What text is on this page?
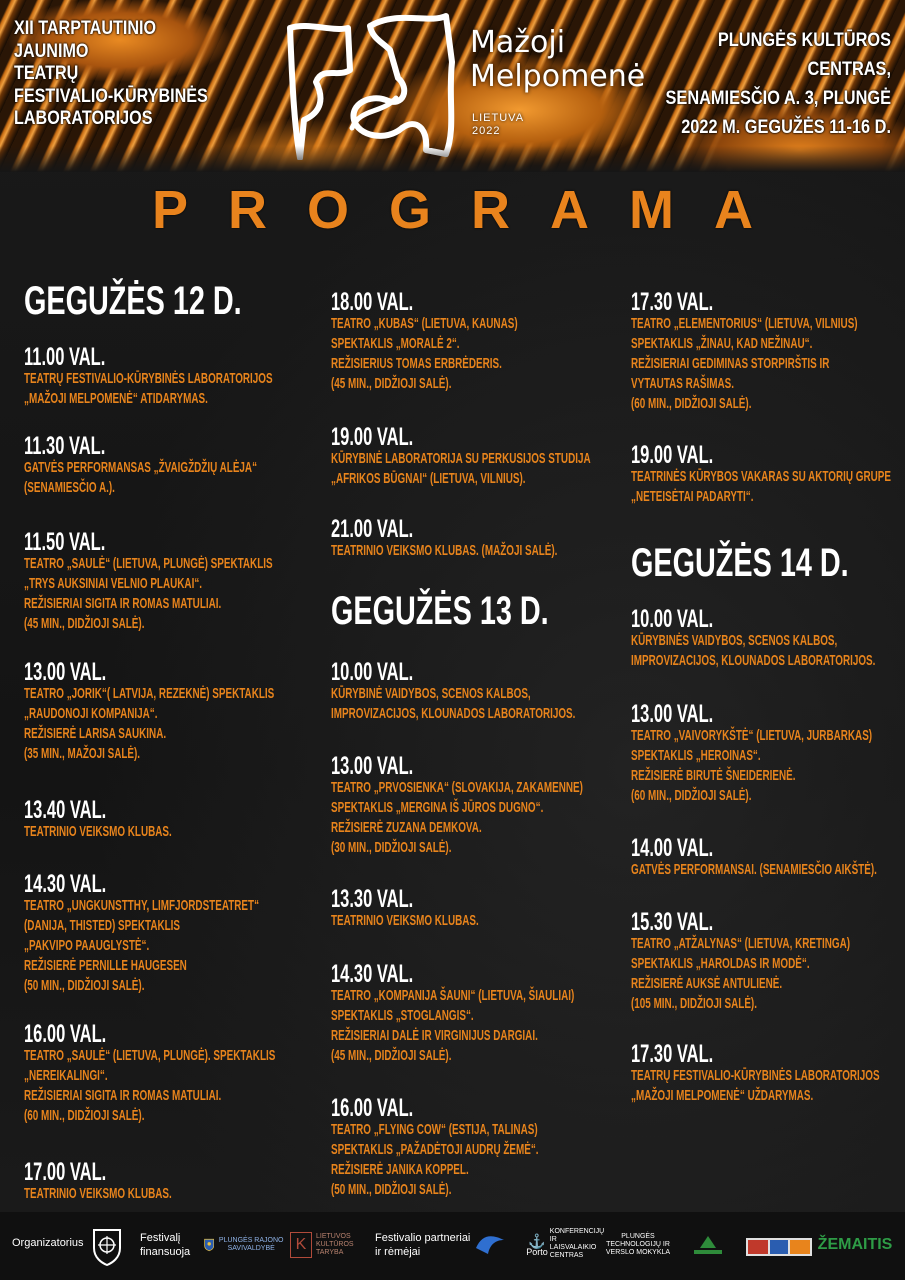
XII TARPTAUTINIO JAUNIMO
TEATRŲ
FESTIVALIO-KŪRYBINĖS
LABORATORIJOS
Mažoji
Melpomenė
LIETUVA
2022
PLUNGĖS KULTŪROS CENTRAS,
SENAMIESČIO A. 3, PLUNGĖ
2022 M. GEGUŽĖS 11-16 D.
PROGRAMA
GEGUŽĖS 12 D.
11.00 VAL.
TEATRŲ FESTIVALIO-KŪRYBINĖS LABORATORIJOS
„MAŽOJI MELPOMENĖ“ ATIDARYMAS.
11.30 VAL.
GATVĖS PERFORMANSAS „ŽVAIGŽDŽIŲ ALĖJA“
(SENAMIESČIO A.).
11.50 VAL.
TEATRO „SAULĖ“ (LIETUVA, PLUNGĖ) SPEKTAKLIS
„TRYS AUKSINIAI VELNIO PLAUKAI“.
REŽISIERIAI SIGITA IR ROMAS MATULIAI.
(45 MIN., DIDŽIOJI SALĖ).
13.00 VAL.
TEATRO „JORIK“( LATVIJA, REZEKNĖ) SPEKTAKLIS
„RAUDONOJI KOMPANIJA“.
REŽISIERĖ LARISA SAUKINA.
(35 MIN., MAŽOJI SALĖ).
13.40 VAL.
TEATRINIO VEIKSMO KLUBAS.
14.30 VAL.
TEATRO „UNGKUNSTTHY, LIMFJORDSTEATRET“
(DANIJA, THISTED) SPEKTAKLIS
„PAKVIPO PAAUGLYSTĖ“.
REŽISIERĖ PERNILLE HAUGESEN
(50 MIN., DIDŽIOJI SALĖ).
16.00 VAL.
TEATRO „SAULĖ“ (LIETUVA, PLUNGĖ). SPEKTAKLIS
„NEREIKALINGI“.
REŽISIERIAI SIGITA IR ROMAS MATULIAI.
(60 MIN., DIDŽIOJI SALĖ).
17.00 VAL.
TEATRINIO VEIKSMO KLUBAS.
18.00 VAL.
TEATRO „KUBAS“ (LIETUVA, KAUNAS)
SPEKTAKLIS „MORALĖ 2“.
REŽISIERIUS TOMAS ERBRĖDERIS.
(45 MIN., DIDŽIOJI SALĖ).
19.00 VAL.
KŪRYBINĖ LABORATORIJA SU PERKUSIJOS STUDIJA
„AFRIKOS BŪGNAI“ (LIETUVA, VILNIUS).
21.00 VAL.
TEATRINIO VEIKSMO KLUBAS. (MAŽOJI SALĖ).
GEGUŽĖS 13 D.
10.00 VAL.
KŪRYBINĖ VAIDYBOS, SCENOS KALBOS,
IMPROVIZACIJOS, KLOUNADOS LABORATORIJOS.
13.00 VAL.
TEATRO „PRVOSIENKA“ (SLOVAKIJA, ZAKAMENNE)
SPEKTAKLIS „MERGINA IŠ JŪROS DUGNO“.
REŽISIERĖ ZUZANA DEMKOVA.
(30 MIN., DIDŽIOJI SALĖ).
13.30 VAL.
TEATRINIO VEIKSMO KLUBAS.
14.30 VAL.
TEATRO „KOMPANIJA ŠAUNI“ (LIETUVA, ŠIAULIAI)
SPEKTAKLIS „STOGLANGIS“.
REŽISIERIAI DALĖ IR VIRGINIJUS DARGIAI.
(45 MIN., DIDŽIOJI SALĖ).
16.00 VAL.
TEATRO „FLYING COW“ (ESTIJA, TALINAS)
SPEKTAKLIS „PAŽADĖTOJI AUDRŲ ŽEMĖ“.
REŽISIERĖ JANIKA KOPPEL.
(50 MIN., DIDŽIOJI SALĖ).
17.30 VAL.
TEATRO „ELEMENTORIUS“ (LIETUVA, VILNIUS)
SPEKTAKLIS „ŽINAU, KAD NEŽINAU“.
REŽISIERIAI GEDIMINAS STORPIRŠTIS IR
VYTAUTAS RAŠIMAS.
(60 MIN., DIDŽIOJI SALĖ).
19.00 VAL.
TEATRINĖS KŪRYBOS VAKARAS SU AKTORIŲ GRUPE
„NETEISĖTAI PADARYTI“.
GEGUŽĖS 14 D.
10.00 VAL.
KŪRYBINĖS VAIDYBOS, SCENOS KALBOS,
IMPROVIZACIJOS, KLOUNADOS LABORATORIJOS.
13.00 VAL.
TEATRO „VAIVORYKŠTĖ“ (LIETUVA, JURBARKAS)
SPEKTAKLIS „HEROINAS“.
REŽISIERĖ BIRUTĖ ŠNEIDERIENĖ.
(60 MIN., DIDŽIOJI SALĖ).
14.00 VAL.
GATVĖS PERFORMANSAI. (SENAMIESČIO AIKŠTĖ).
15.30 VAL.
TEATRO „ATŽALYNAS“ (LIETUVA, KRETINGA)
SPEKTAKLIS „HAROLDAS IR MODĖ“.
REŽISIERĖ AUKSĖ ANTULIENĖ.
(105 MIN., DIDŽIOJI SALĖ).
17.30 VAL.
TEATRŲ FESTIVALIO-KŪRYBINĖS LABORATORIJOS
„MAŽOJI MELPOMENĖ“ UŽDARYMAS.
Organizatorius	Festivalį
finansuoja
PLUNGĖS RAJONO SAVIVALDYBĖ	K	LIETUVOS KULTŪROS TARYBA
Festivalio partneriai
ir rėmėjai
⚓
Porto
KONFERENCIJŲ IR LAISVALAIKIO CENTRAS
PLUNGĖS TECHNOLOGIJŲ IR VERSLO MOKYKLA	ŽEMAITIS
